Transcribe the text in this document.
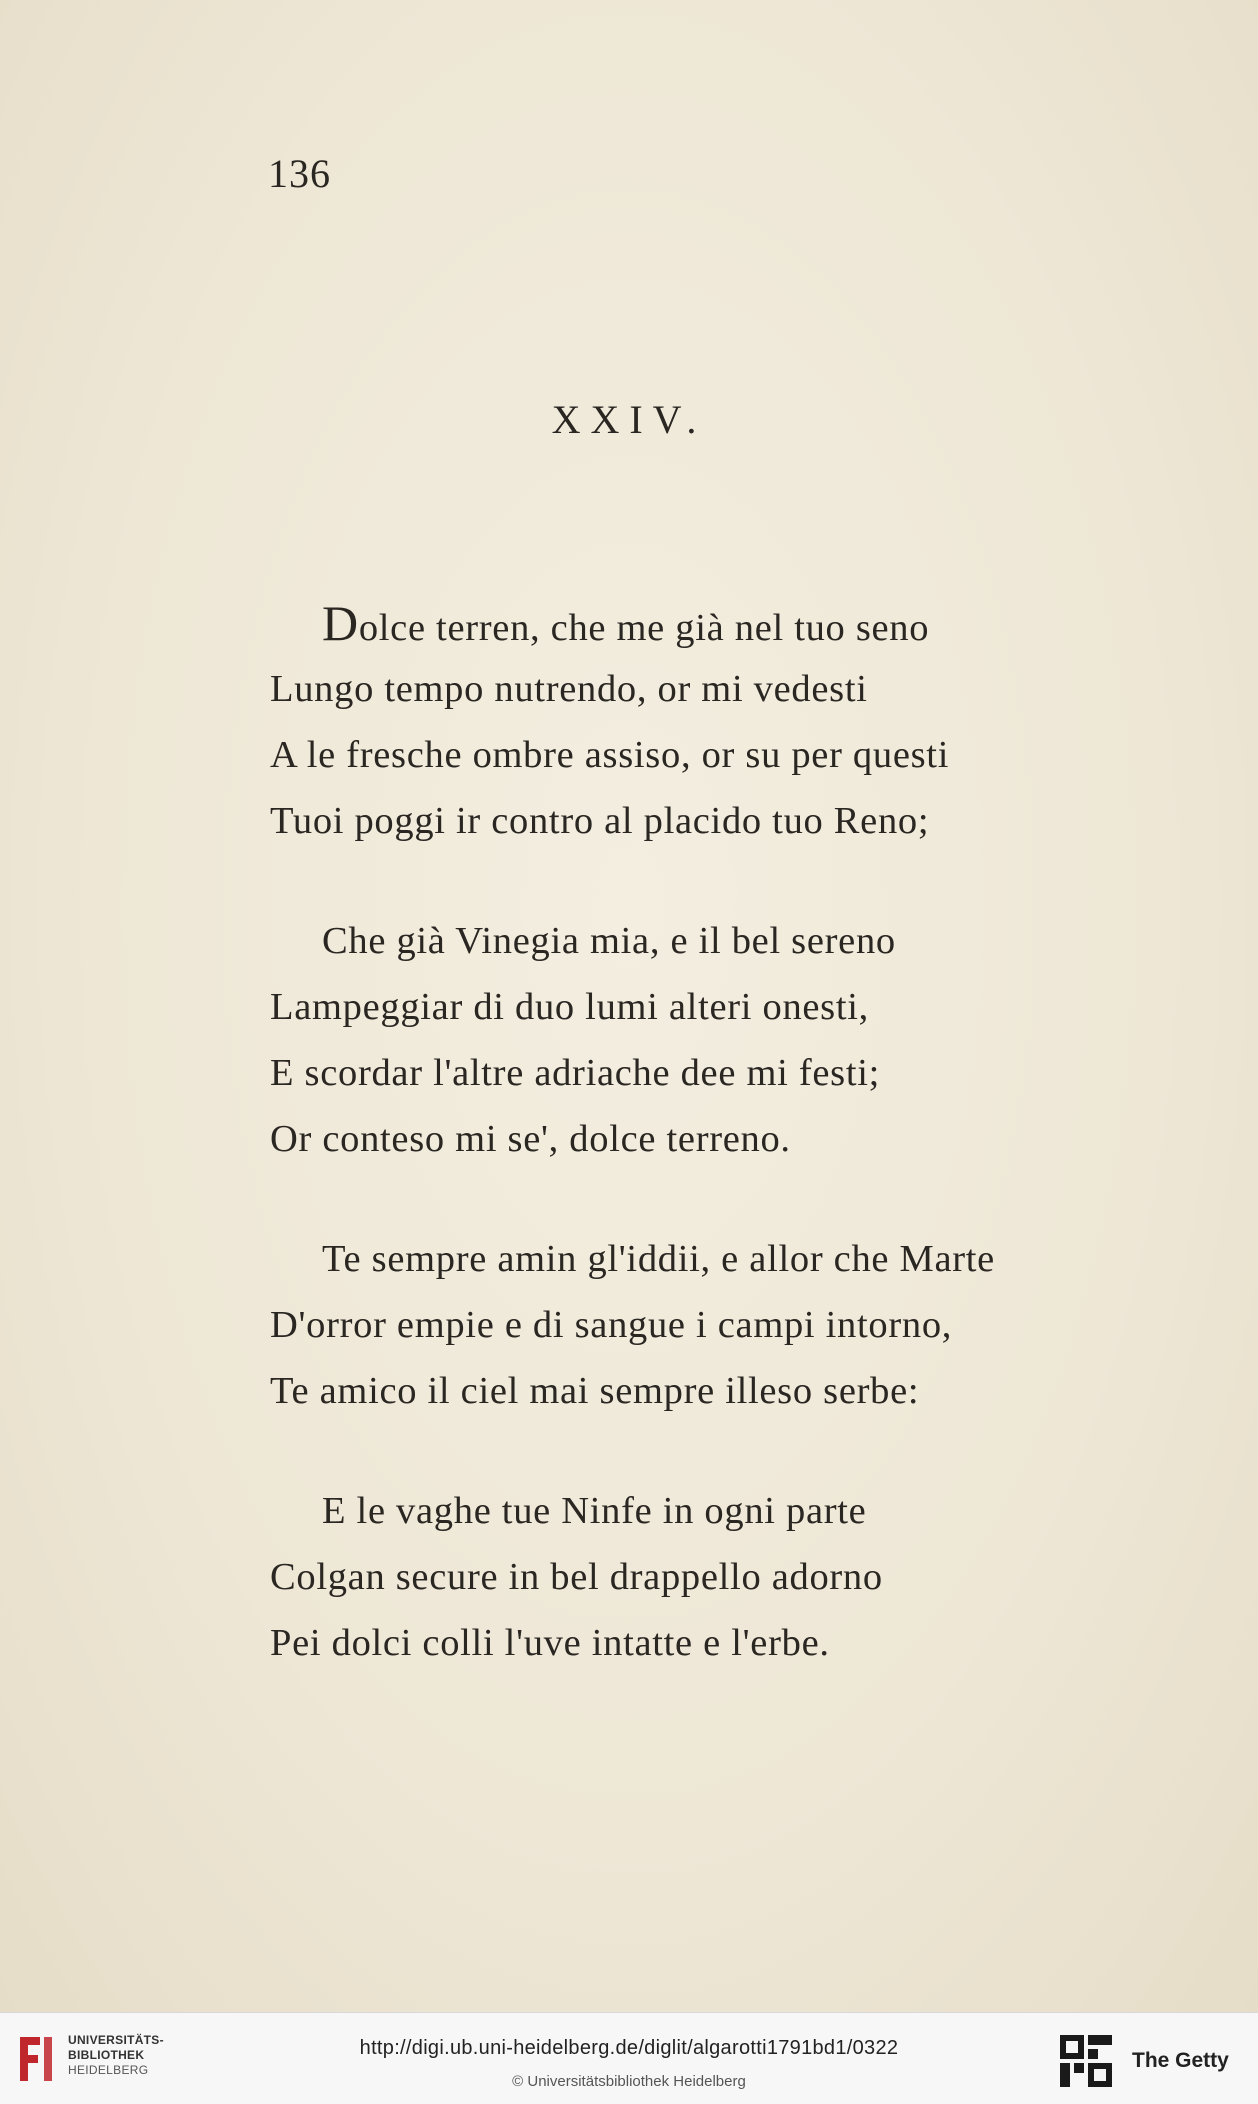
136
XXIV.
Dolce terren, che me già nel tuo seno
Lungo tempo nutrendo, or mi vedesti
A le fresche ombre assiso, or su per questi
Tuoi poggi ir contro al placido tuo Reno;
Che già Vinegia mia, e il bel sereno
Lampeggiar di duo lumi alteri onesti,
E scordar l'altre adriache dee mi festi;
Or conteso mi se', dolce terreno.
Te sempre amin gl'iddii, e allor che Marte
D'orror empie e di sangue i campi intorno,
Te amico il ciel mai sempre illeso serbe:
E le vaghe tue Ninfe in ogni parte
Colgan secure in bel drappello adorno
Pei dolci colli l'uve intatte e l'erbe.
UNIVERSITÄTS-
BIBLIOTHEK
HEIDELBERG
http://digi.ub.uni-heidelberg.de/diglit/algarotti1791bd1/0322
© Universitätsbibliothek Heidelberg
The Getty
